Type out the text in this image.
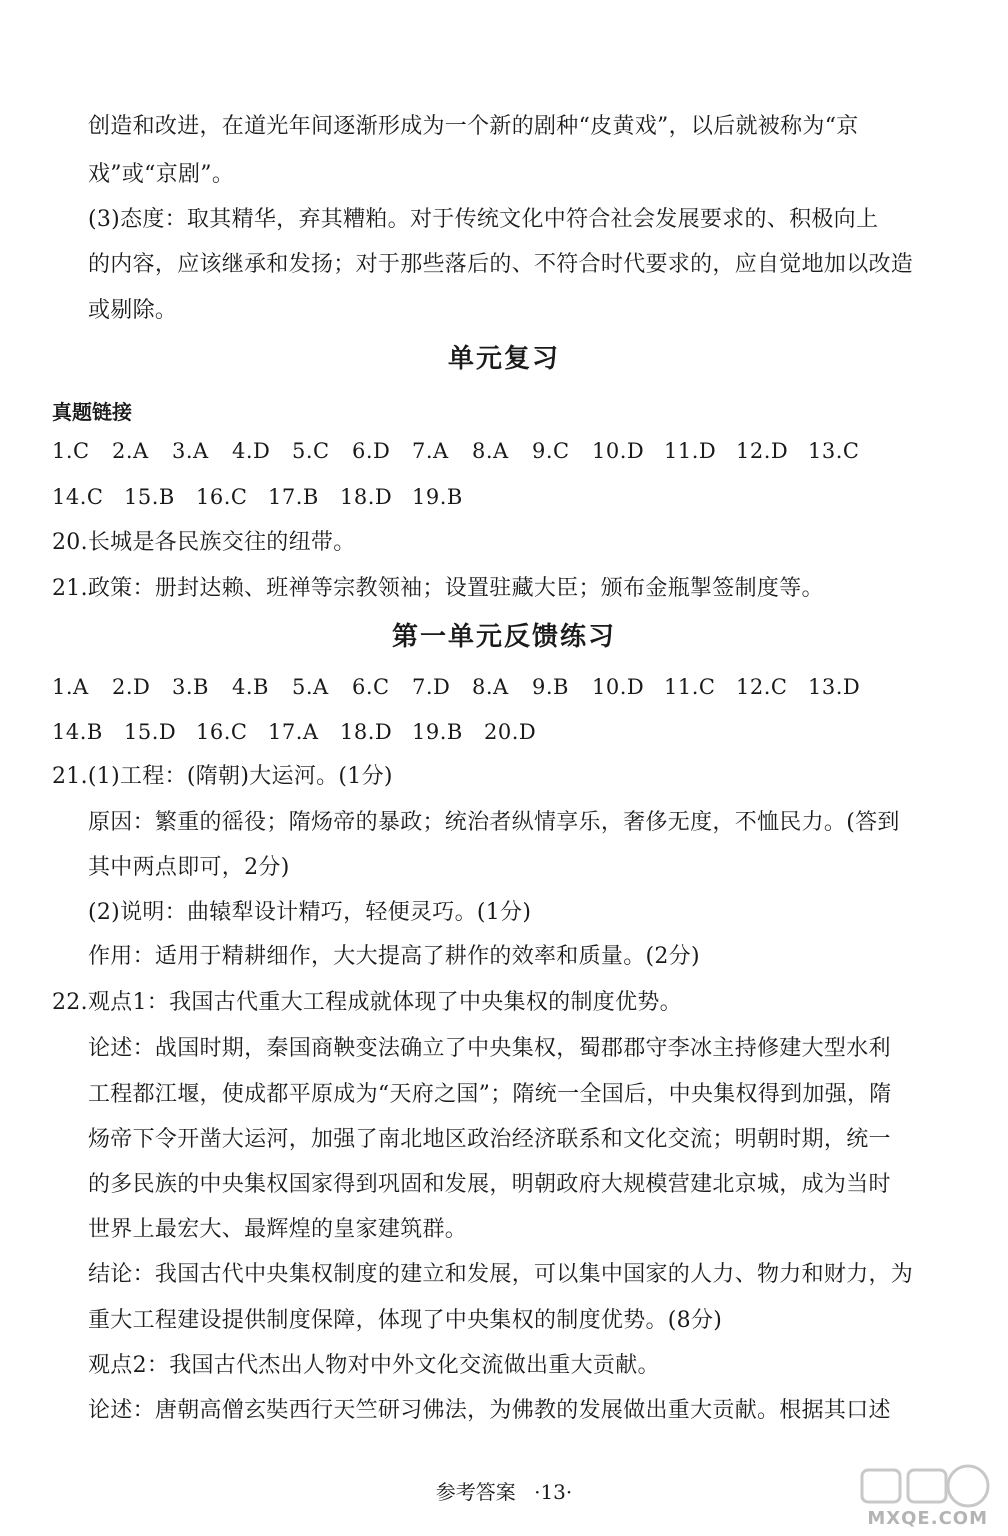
创造和改进，在道光年间逐渐形成为一个新的剧种“皮黄戏”，以后就被称为“京
戏”或“京剧”。
(3)态度：取其精华，弃其糟粕。对于传统文化中符合社会发展要求的、积极向上
的内容，应该继承和发扬；对于那些落后的、不符合时代要求的，应自觉地加以改造
或剔除。
单元复习
真题链接
1.C 2.A 3.A 4.D 5.C 6.D 7.A 8.A 9.C 10.D 11.D 12.D 13.C
14.C 15.B 16.C 17.B 18.D 19.B
20.长城是各民族交往的纽带。
21.政策：册封达赖、班禅等宗教领袖；设置驻藏大臣；颁布金瓶掣签制度等。
第一单元反馈练习
1.A 2.D 3.B 4.B 5.A 6.C 7.D 8.A 9.B 10.D 11.C 12.C 13.D
14.B 15.D 16.C 17.A 18.D 19.B 20.D
21.(1)工程：(隋朝)大运河。(1分)
原因：繁重的徭役；隋炀帝的暴政；统治者纵情享乐，奢侈无度，不恤民力。(答到
其中两点即可，2分)
(2)说明：曲辕犁设计精巧，轻便灵巧。(1分)
作用：适用于精耕细作，大大提高了耕作的效率和质量。(2分)
22.观点1：我国古代重大工程成就体现了中央集权的制度优势。
论述：战国时期，秦国商鞅变法确立了中央集权，蜀郡郡守李冰主持修建大型水利
工程都江堰，使成都平原成为“天府之国”；隋统一全国后，中央集权得到加强，隋
炀帝下令开凿大运河，加强了南北地区政治经济联系和文化交流；明朝时期，统一
的多民族的中央集权国家得到巩固和发展，明朝政府大规模营建北京城，成为当时
世界上最宏大、最辉煌的皇家建筑群。
结论：我国古代中央集权制度的建立和发展，可以集中国家的人力、物力和财力，为
重大工程建设提供制度保障，体现了中央集权的制度优势。(8分)
观点2：我国古代杰出人物对中外文化交流做出重大贡献。
论述：唐朝高僧玄奘西行天竺研习佛法，为佛教的发展做出重大贡献。根据其口述
参考答案 ·13·
MXQE.COM
